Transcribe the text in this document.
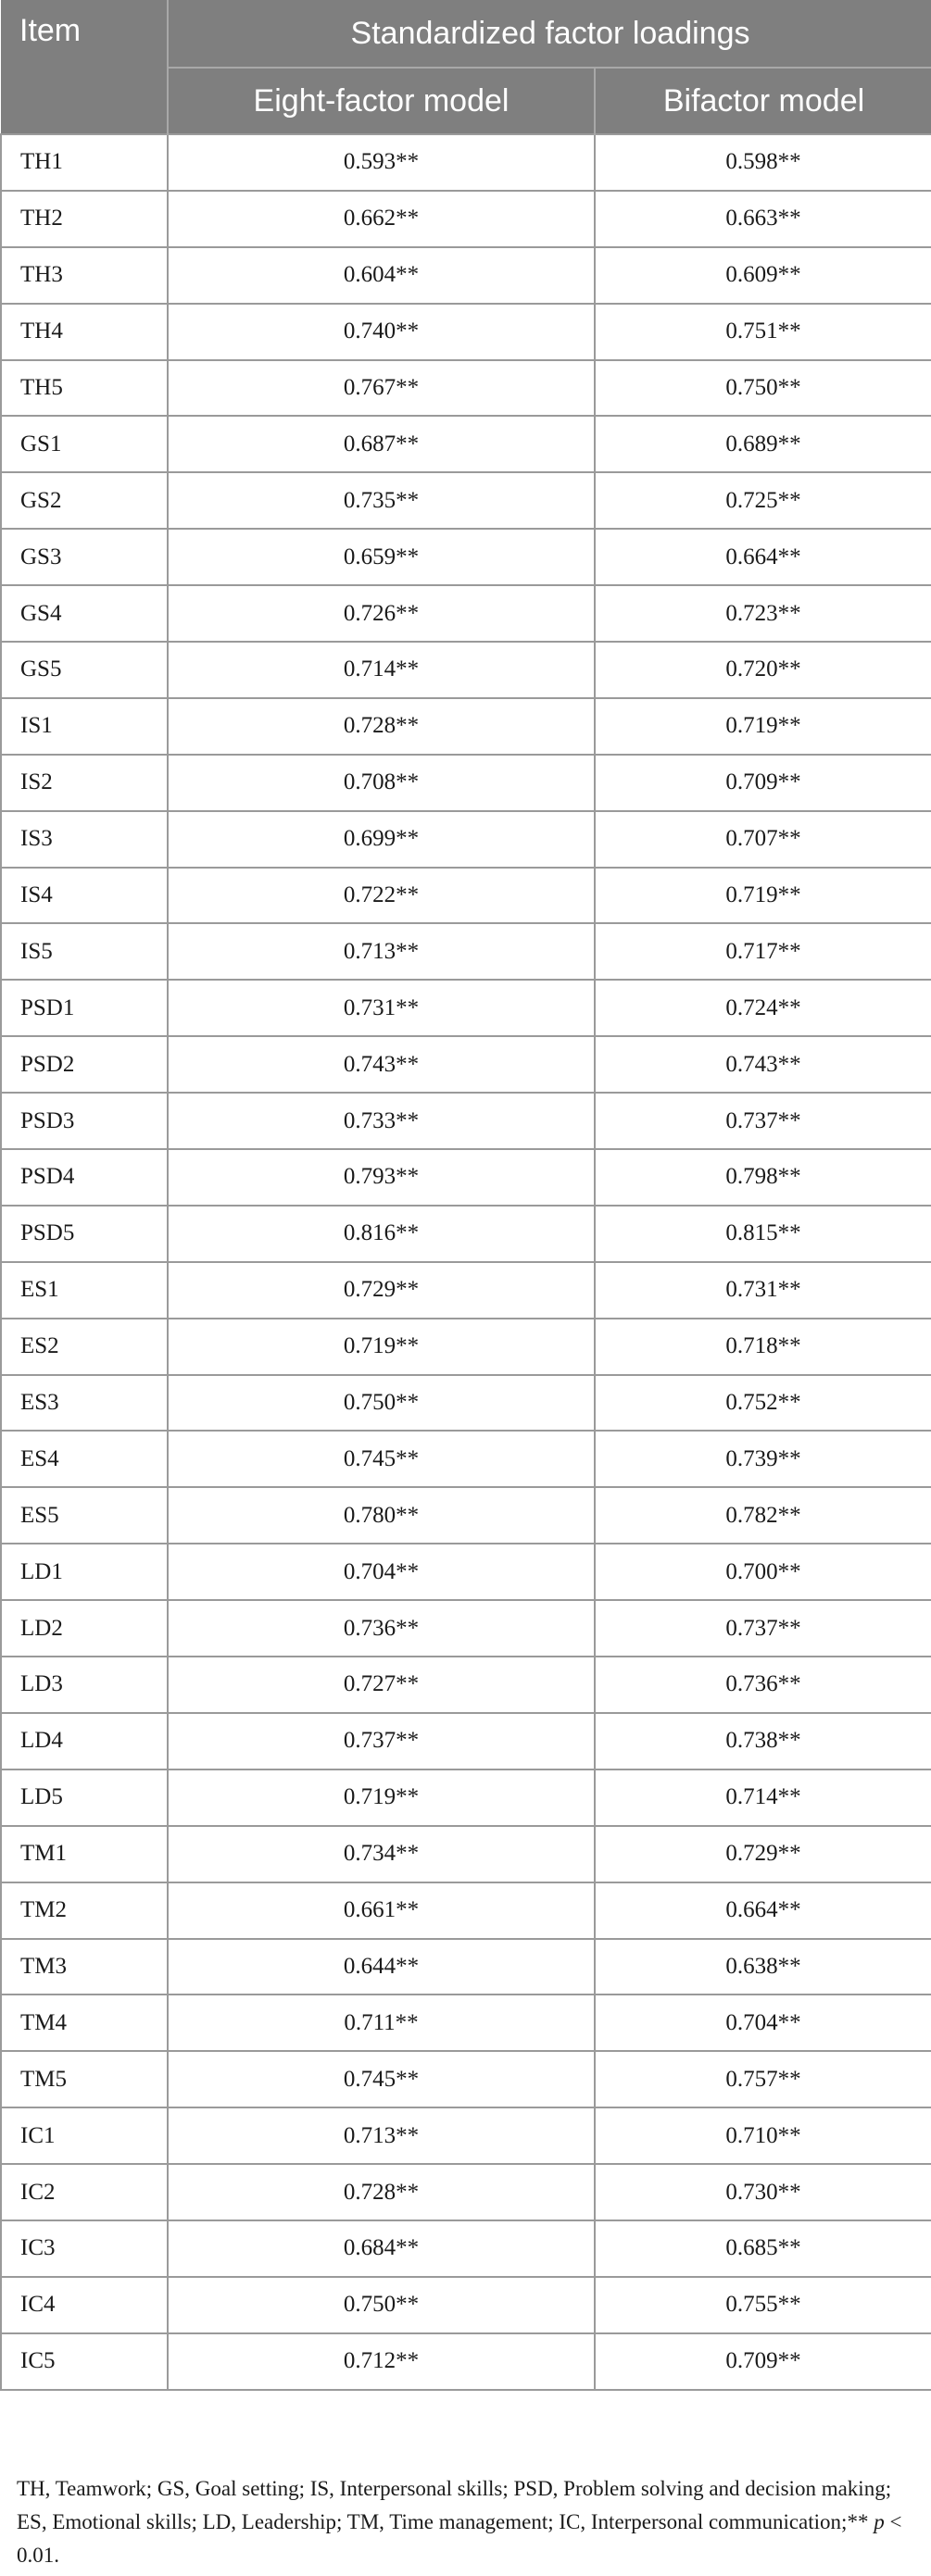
Item	Standardized factor loadings	
	Eight-factor model	Bifactor model
TH1	0.593**	0.598**
TH2	0.662**	0.663**
TH3	0.604**	0.609**
TH4	0.740**	0.751**
TH5	0.767**	0.750**
GS1	0.687**	0.689**
GS2	0.735**	0.725**
GS3	0.659**	0.664**
GS4	0.726**	0.723**
GS5	0.714**	0.720**
IS1	0.728**	0.719**
IS2	0.708**	0.709**
IS3	0.699**	0.707**
IS4	0.722**	0.719**
IS5	0.713**	0.717**
PSD1	0.731**	0.724**
PSD2	0.743**	0.743**
PSD3	0.733**	0.737**
PSD4	0.793**	0.798**
PSD5	0.816**	0.815**
ES1	0.729**	0.731**
ES2	0.719**	0.718**
ES3	0.750**	0.752**
ES4	0.745**	0.739**
ES5	0.780**	0.782**
LD1	0.704**	0.700**
LD2	0.736**	0.737**
LD3	0.727**	0.736**
LD4	0.737**	0.738**
LD5	0.719**	0.714**
TM1	0.734**	0.729**
TM2	0.661**	0.664**
TM3	0.644**	0.638**
TM4	0.711**	0.704**
TM5	0.745**	0.757**
IC1	0.713**	0.710**
IC2	0.728**	0.730**
IC3	0.684**	0.685**
IC4	0.750**	0.755**
IC5	0.712**	0.709**
TH, Teamwork; GS, Goal setting; IS, Interpersonal skills; PSD, Problem solving and decision making; ES, Emotional skills; LD, Leadership; TM, Time management; IC, Interpersonal communication;** p < 0.01.
